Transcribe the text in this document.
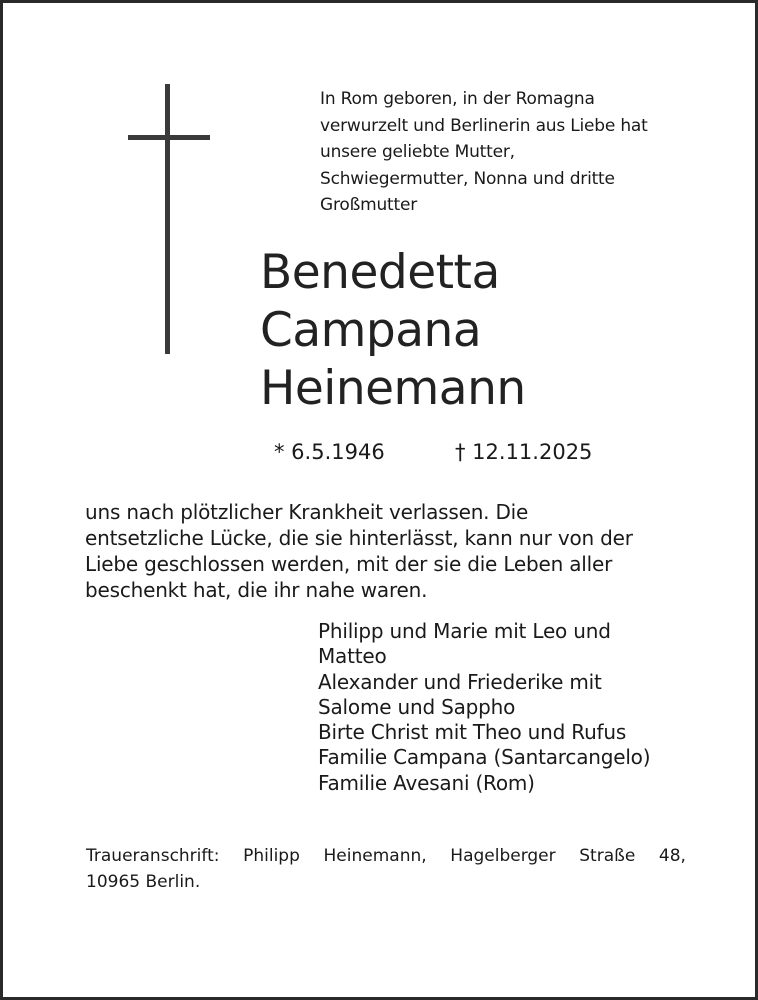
In Rom geboren, in der Romagna
verwurzelt und Berlinerin aus Liebe hat
unsere geliebte Mutter,
Schwiegermutter, Nonna und dritte
Großmutter
Benedetta
Campana
Heinemann
* 6.5.1946	† 12.11.2025
uns nach plötzlicher Krankheit verlassen. Die
entsetzliche Lücke, die sie hinterlässt, kann nur von der
Liebe geschlossen werden, mit der sie die Leben aller
beschenkt hat, die ihr nahe waren.
Philipp und Marie mit Leo und
Matteo
Alexander und Friederike mit
Salome und Sappho
Birte Christ mit Theo und Rufus
Familie Campana (Santarcangelo)
Familie Avesani (Rom)
Traueranschrift: Philipp Heinemann, Hagelberger Straße 48,
10965 Berlin.
